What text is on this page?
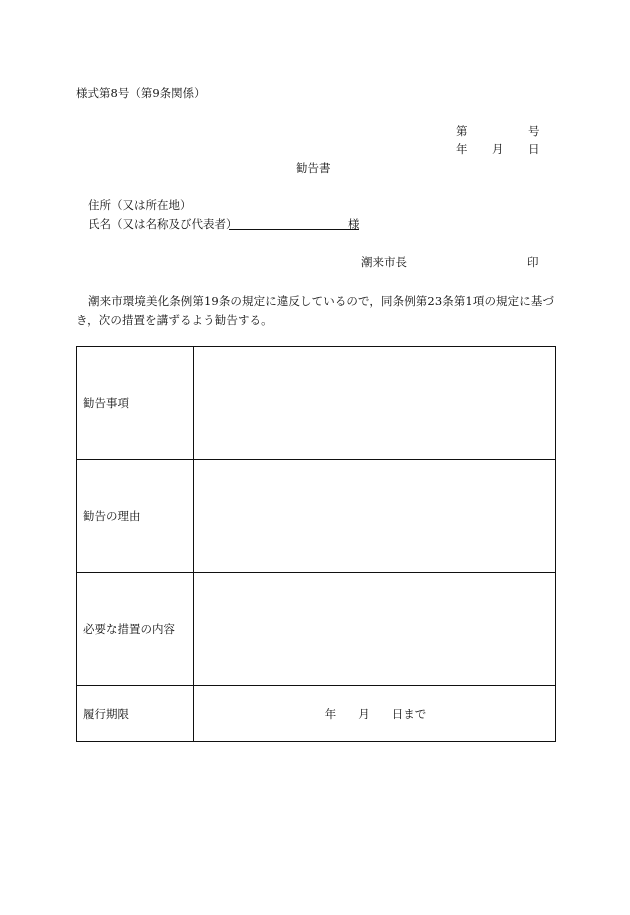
様式第8号（第9条関係）
第	号
年 月 日
勧告書
住所（又は所在地）
氏名（又は名称及び代表者）	様
潮来市長	印
潮来市環境美化条例第19条の規定に違反しているので，同条例第23条第1項の規定に基づき，次の措置を講ずるよう勧告する。
勧告事項	
勧告の理由	
必要な措置の内容	
履行期限	年 月 日まで
